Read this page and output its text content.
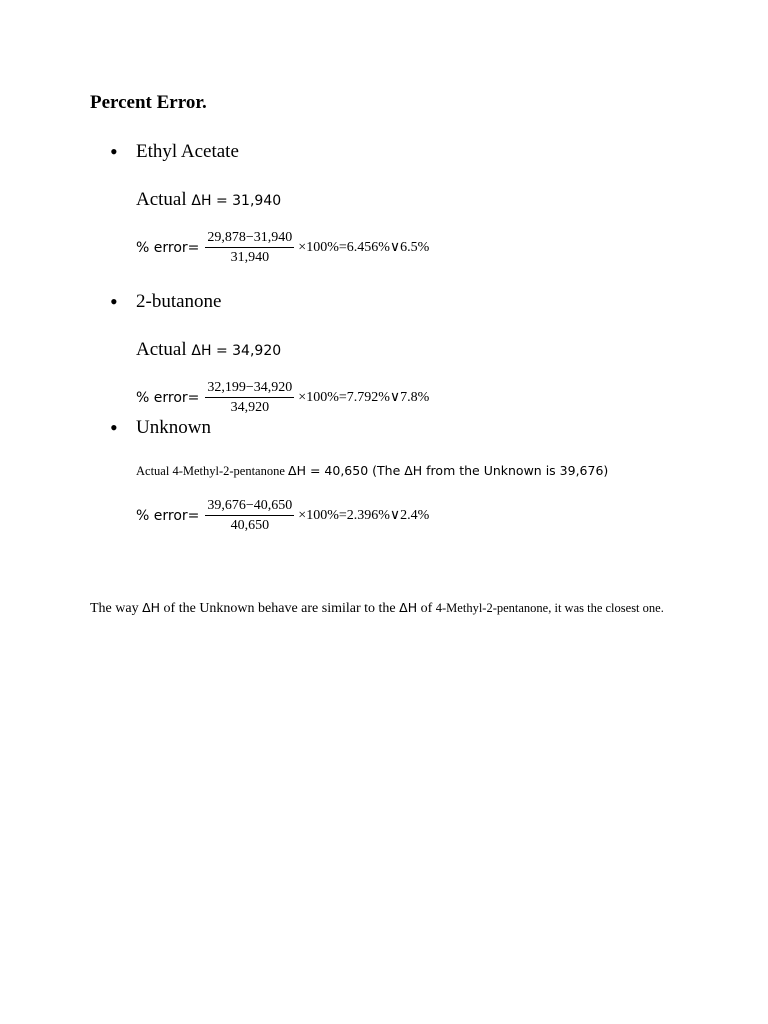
Percent Error.
• Ethyl Acetate
Actual ΔH = 31,940
% error= $\frac{29,878-31,940}{31,940}$ ×100%=6.456%∨6.5%
• 2-butanone
Actual ΔH = 34,920
% error= $\frac{32,199-34,920}{34,920}$ ×100%=7.792%∨7.8%
• Unknown
Actual 4-Methyl-2-pentanone ΔH = 40,650 (The ΔH from the Unknown is 39,676)
% error= $\frac{39,676-40,650}{40,650}$ ×100%=2.396%∨2.4%
The way ΔH of the Unknown behave are similar to the ΔH of 4-Methyl-2-pentanone, it was the closest one.
